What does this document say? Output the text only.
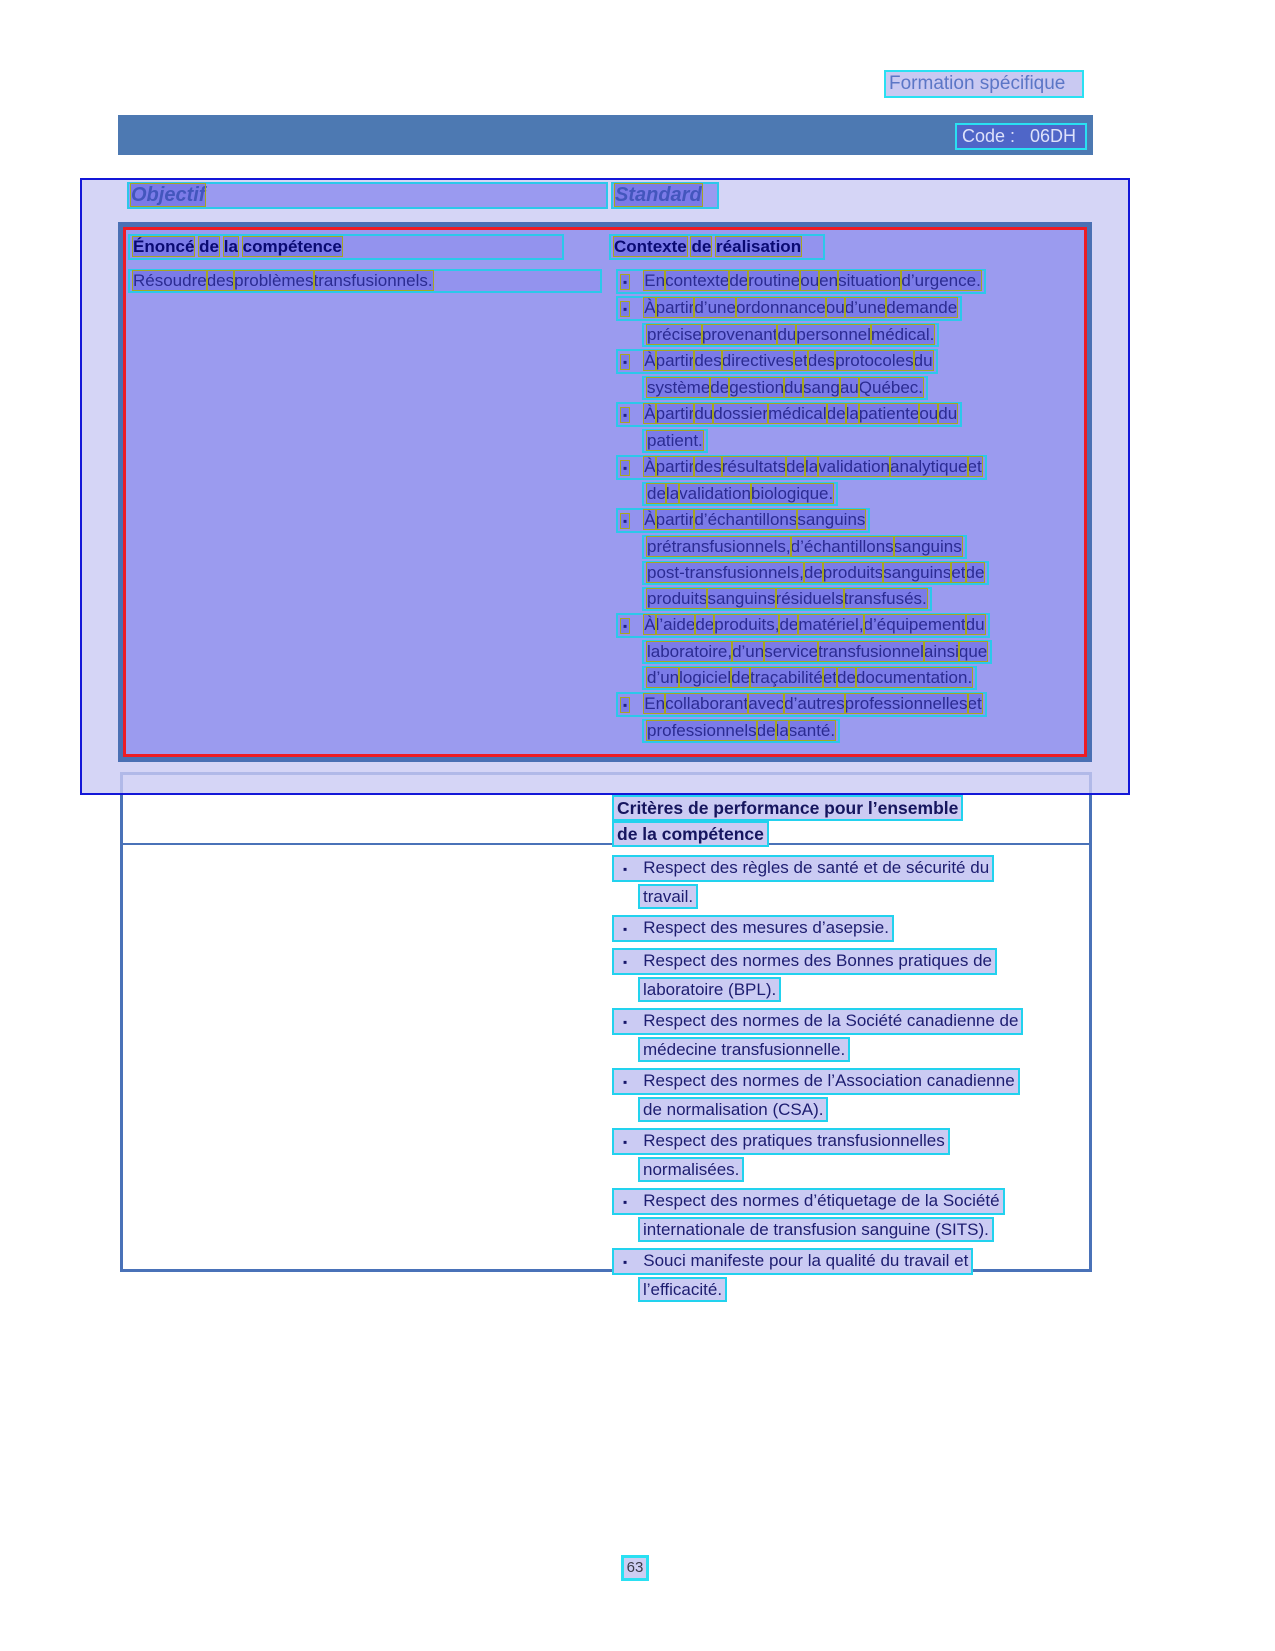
Formation spécifique
Code :   06DH
Critères de performance pour l’ensemble
de la compétence
▪ Respect des règles de santé et de sécurité du
travail.
▪ Respect des mesures d’asepsie.
▪ Respect des normes des Bonnes pratiques de
laboratoire (BPL).
▪ Respect des normes de la Société canadienne de
médecine transfusionnelle.
▪ Respect des normes de l’Association canadienne
de normalisation (CSA).
▪ Respect des pratiques transfusionnelles
normalisées.
▪ Respect des normes d’étiquetage de la Société
internationale de transfusion sanguine (SITS).
▪ Souci manifeste pour la qualité du travail et
l’efficacité.
Objectif	Standard
Énoncé de la compétence	Contexte de réalisation
Résoudredesproblèmestransfusionnels.	▪ Encontextederoutineouensituationd’urgence.
▪ Àpartird’uneordonnanceoud’unedemande
préciseprovenantdupersonnelmédical.
▪ Àpartirdesdirectivesetdesprotocolesdu
systèmedegestiondusangauQuébec.
▪ Àpartirdudossiermédicaldelapatienteoudu
patient.
▪ Àpartirdesrésultatsdelavalidationanalytiqueet
delavalidationbiologique.
▪ Àpartird’échantillonssanguins
prétransfusionnels,d’échantillonssanguins
post-transfusionnels,deproduitssanguinsetde
produitssanguinsrésiduelstransfusés.
▪ Àl’aidedeproduits,dematériel,d’équipementdu
laboratoire,d’unservicetransfusionnelainsique
d’unlogicieldetraçabilitéetdedocumentation.
▪ Encollaborantavecd’autresprofessionnelleset
professionnelsdelasanté.
63
